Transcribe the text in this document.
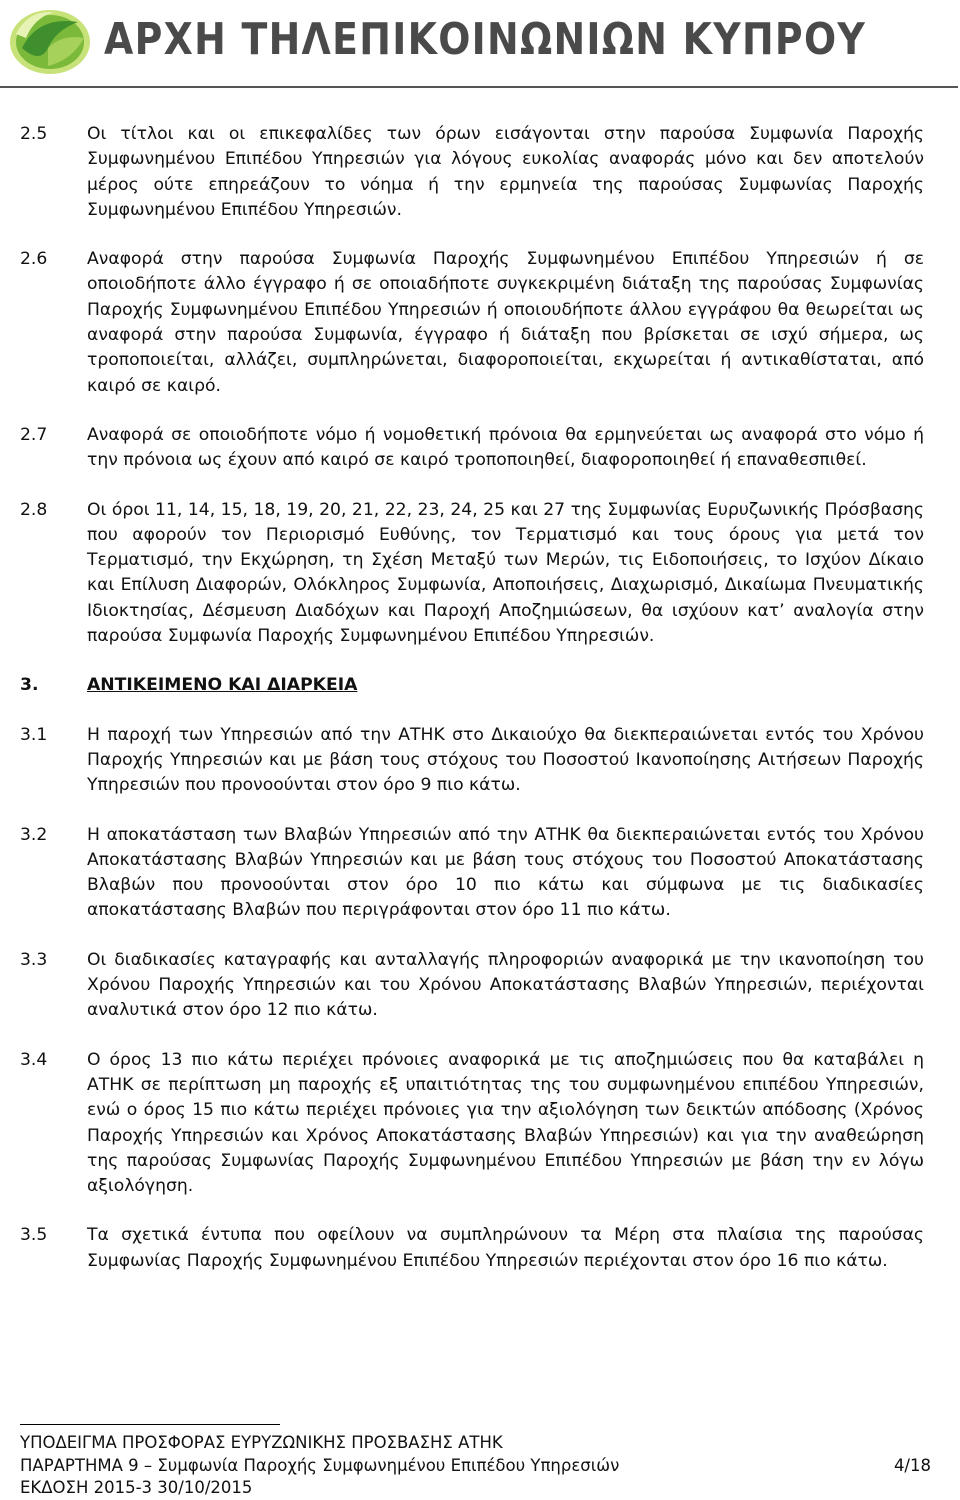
ΑΡΧΗ ΤΗΛΕΠΙΚΟΙΝΩΝΙΩΝ ΚΥΠΡΟΥ
2.5	Οι τίτλοι και οι επικεφαλίδες των όρων εισάγονται στην παρούσα Συμφωνία Παροχής Συμφωνημένου Επιπέδου Υπηρεσιών για λόγους ευκολίας αναφοράς μόνο και δεν αποτελούν μέρος ούτε επηρεάζουν το νόημα ή την ερμηνεία της παρούσας Συμφωνίας Παροχής Συμφωνημένου Επιπέδου Υπηρεσιών.
2.6	Αναφορά στην παρούσα Συμφωνία Παροχής Συμφωνημένου Επιπέδου Υπηρεσιών ή σε οποιοδήποτε άλλο έγγραφο ή σε οποιαδήποτε συγκεκριμένη διάταξη της παρούσας Συμφωνίας Παροχής Συμφωνημένου Επιπέδου Υπηρεσιών ή οποιουδήποτε άλλου εγγράφου θα θεωρείται ως αναφορά στην παρούσα Συμφωνία, έγγραφο ή διάταξη που βρίσκεται σε ισχύ σήμερα, ως τροποποιείται, αλλάζει, συμπληρώνεται, διαφοροποιείται, εκχωρείται ή αντικαθίσταται, από καιρό σε καιρό.
2.7	Αναφορά σε οποιοδήποτε νόμο ή νομοθετική πρόνοια θα ερμηνεύεται ως αναφορά στο νόμο ή την πρόνοια ως έχουν από καιρό σε καιρό τροποποιηθεί, διαφοροποιηθεί ή επαναθεσπιθεί.
2.8	Οι όροι 11, 14, 15, 18, 19, 20, 21, 22, 23, 24, 25 και 27 της Συμφωνίας Ευρυζωνικής Πρόσβασης που αφορούν τον Περιορισμό Ευθύνης, τον Τερματισμό και τους όρους για μετά τον Τερματισμό, την Εκχώρηση, τη Σχέση Μεταξύ των Μερών, τις Ειδοποιήσεις, το Ισχύον Δίκαιο και Επίλυση Διαφορών, Ολόκληρος Συμφωνία, Αποποιήσεις, Διαχωρισμό, Δικαίωμα Πνευματικής Ιδιοκτησίας, Δέσμευση Διαδόχων και Παροχή Αποζημιώσεων, θα ισχύουν κατ’ αναλογία στην παρούσα Συμφωνία Παροχής Συμφωνημένου Επιπέδου Υπηρεσιών.
3.	ΑΝΤΙΚΕΙΜΕΝΟ ΚΑΙ ΔΙΑΡΚΕΙΑ
3.1	Η παροχή των Υπηρεσιών από την ΑΤΗΚ στο Δικαιούχο θα διεκπεραιώνεται εντός του Χρόνου Παροχής Υπηρεσιών και με βάση τους στόχους του Ποσοστού Ικανοποίησης Αιτήσεων Παροχής Υπηρεσιών που προνοούνται στον όρο 9 πιο κάτω.
3.2	Η αποκατάσταση των Βλαβών Υπηρεσιών από την ΑΤΗΚ θα διεκπεραιώνεται εντός του Χρόνου Αποκατάστασης Βλαβών Υπηρεσιών και με βάση τους στόχους του Ποσοστού Αποκατάστασης Βλαβών που προνοούνται στον όρο 10 πιο κάτω και σύμφωνα με τις διαδικασίες αποκατάστασης Βλαβών που περιγράφονται στον όρο 11 πιο κάτω.
3.3	Οι διαδικασίες καταγραφής και ανταλλαγής πληροφοριών αναφορικά με την ικανοποίηση του Χρόνου Παροχής Υπηρεσιών και του Χρόνου Αποκατάστασης Βλαβών Υπηρεσιών, περιέχονται αναλυτικά στον όρο 12 πιο κάτω.
3.4	Ο όρος 13 πιο κάτω περιέχει πρόνοιες αναφορικά με τις αποζημιώσεις που θα καταβάλει η ΑΤΗΚ σε περίπτωση μη παροχής εξ υπαιτιότητας της του συμφωνημένου επιπέδου Υπηρεσιών, ενώ ο όρος 15 πιο κάτω περιέχει πρόνοιες για την αξιολόγηση των δεικτών απόδοσης (Χρόνος Παροχής Υπηρεσιών και Χρόνος Αποκατάστασης Βλαβών Υπηρεσιών) και για την αναθεώρηση της παρούσας Συμφωνίας Παροχής Συμφωνημένου Επιπέδου Υπηρεσιών με βάση την εν λόγω αξιολόγηση.
3.5	Τα σχετικά έντυπα που οφείλουν να συμπληρώνουν τα Μέρη στα πλαίσια της παρούσας Συμφωνίας Παροχής Συμφωνημένου Επιπέδου Υπηρεσιών περιέχονται στον όρο 16 πιο κάτω.
ΥΠΟΔΕΙΓΜΑ ΠΡΟΣΦΟΡΑΣ ΕΥΡΥΖΩΝΙΚΗΣ ΠΡΟΣΒΑΣΗΣ ΑΤΗΚ
ΠΑΡΑΡΤΗΜΑ 9 – Συμφωνία Παροχής Συμφωνημένου Επιπέδου Υπηρεσιών
ΕΚΔΟΣΗ 2015-3 30/10/2015
4/18
